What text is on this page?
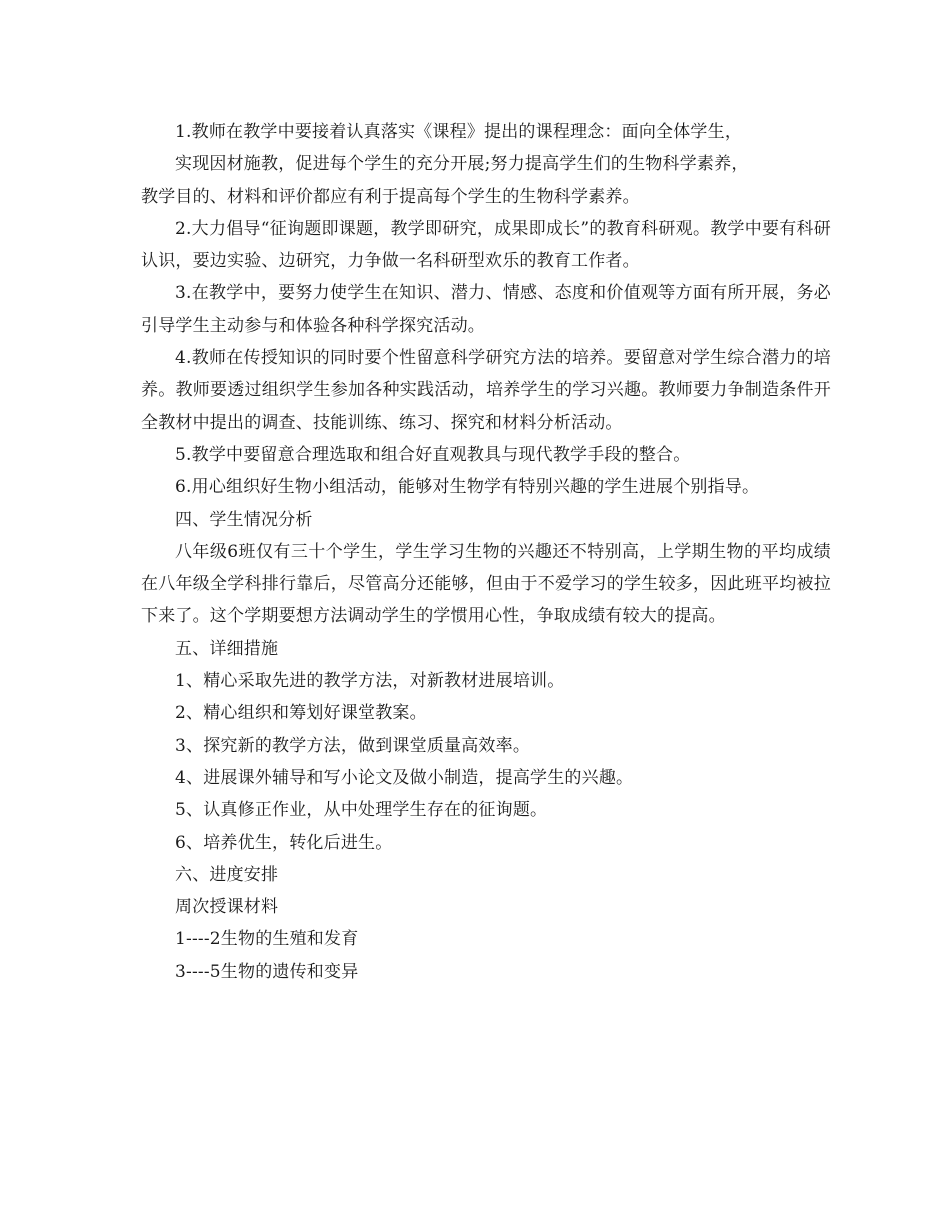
1.教师在教学中要接着认真落实《课程》提出的课程理念：面向全体学生，

实现因材施教，促进每个学生的充分开展;努力提高学生们的生物科学素养，

教学目的、材料和评价都应有利于提高每个学生的生物科学素养。

2.大力倡导“征询题即课题，教学即研究，成果即成长”的教育科研观。教学中要有科研认识，要边实验、边研究，力争做一名科研型欢乐的教育工作者。

3.在教学中，要努力使学生在知识、潜力、情感、态度和价值观等方面有所开展，务必引导学生主动参与和体验各种科学探究活动。

4.教师在传授知识的同时要个性留意科学研究方法的培养。要留意对学生综合潜力的培养。教师要透过组织学生参加各种实践活动，培养学生的学习兴趣。教师要力争制造条件开全教材中提出的调查、技能训练、练习、探究和材料分析活动。

5.教学中要留意合理选取和组合好直观教具与现代教学手段的整合。

6.用心组织好生物小组活动，能够对生物学有特别兴趣的学生进展个别指导。

四、学生情况分析

八年级6班仅有三十个学生，学生学习生物的兴趣还不特别高，上学期生物的平均成绩在八年级全学科排行靠后，尽管高分还能够，但由于不爱学习的学生较多，因此班平均被拉下来了。这个学期要想方法调动学生的学惯用心性，争取成绩有较大的提高。

五、详细措施

1、精心采取先进的教学方法，对新教材进展培训。

2、精心组织和筹划好课堂教案。

3、探究新的教学方法，做到课堂质量高效率。

4、进展课外辅导和写小论文及做小制造，提高学生的兴趣。

5、认真修正作业，从中处理学生存在的征询题。

6、培养优生，转化后进生。

六、进度安排

周次授课材料

1----2生物的生殖和发育

3----5生物的遗传和变异
